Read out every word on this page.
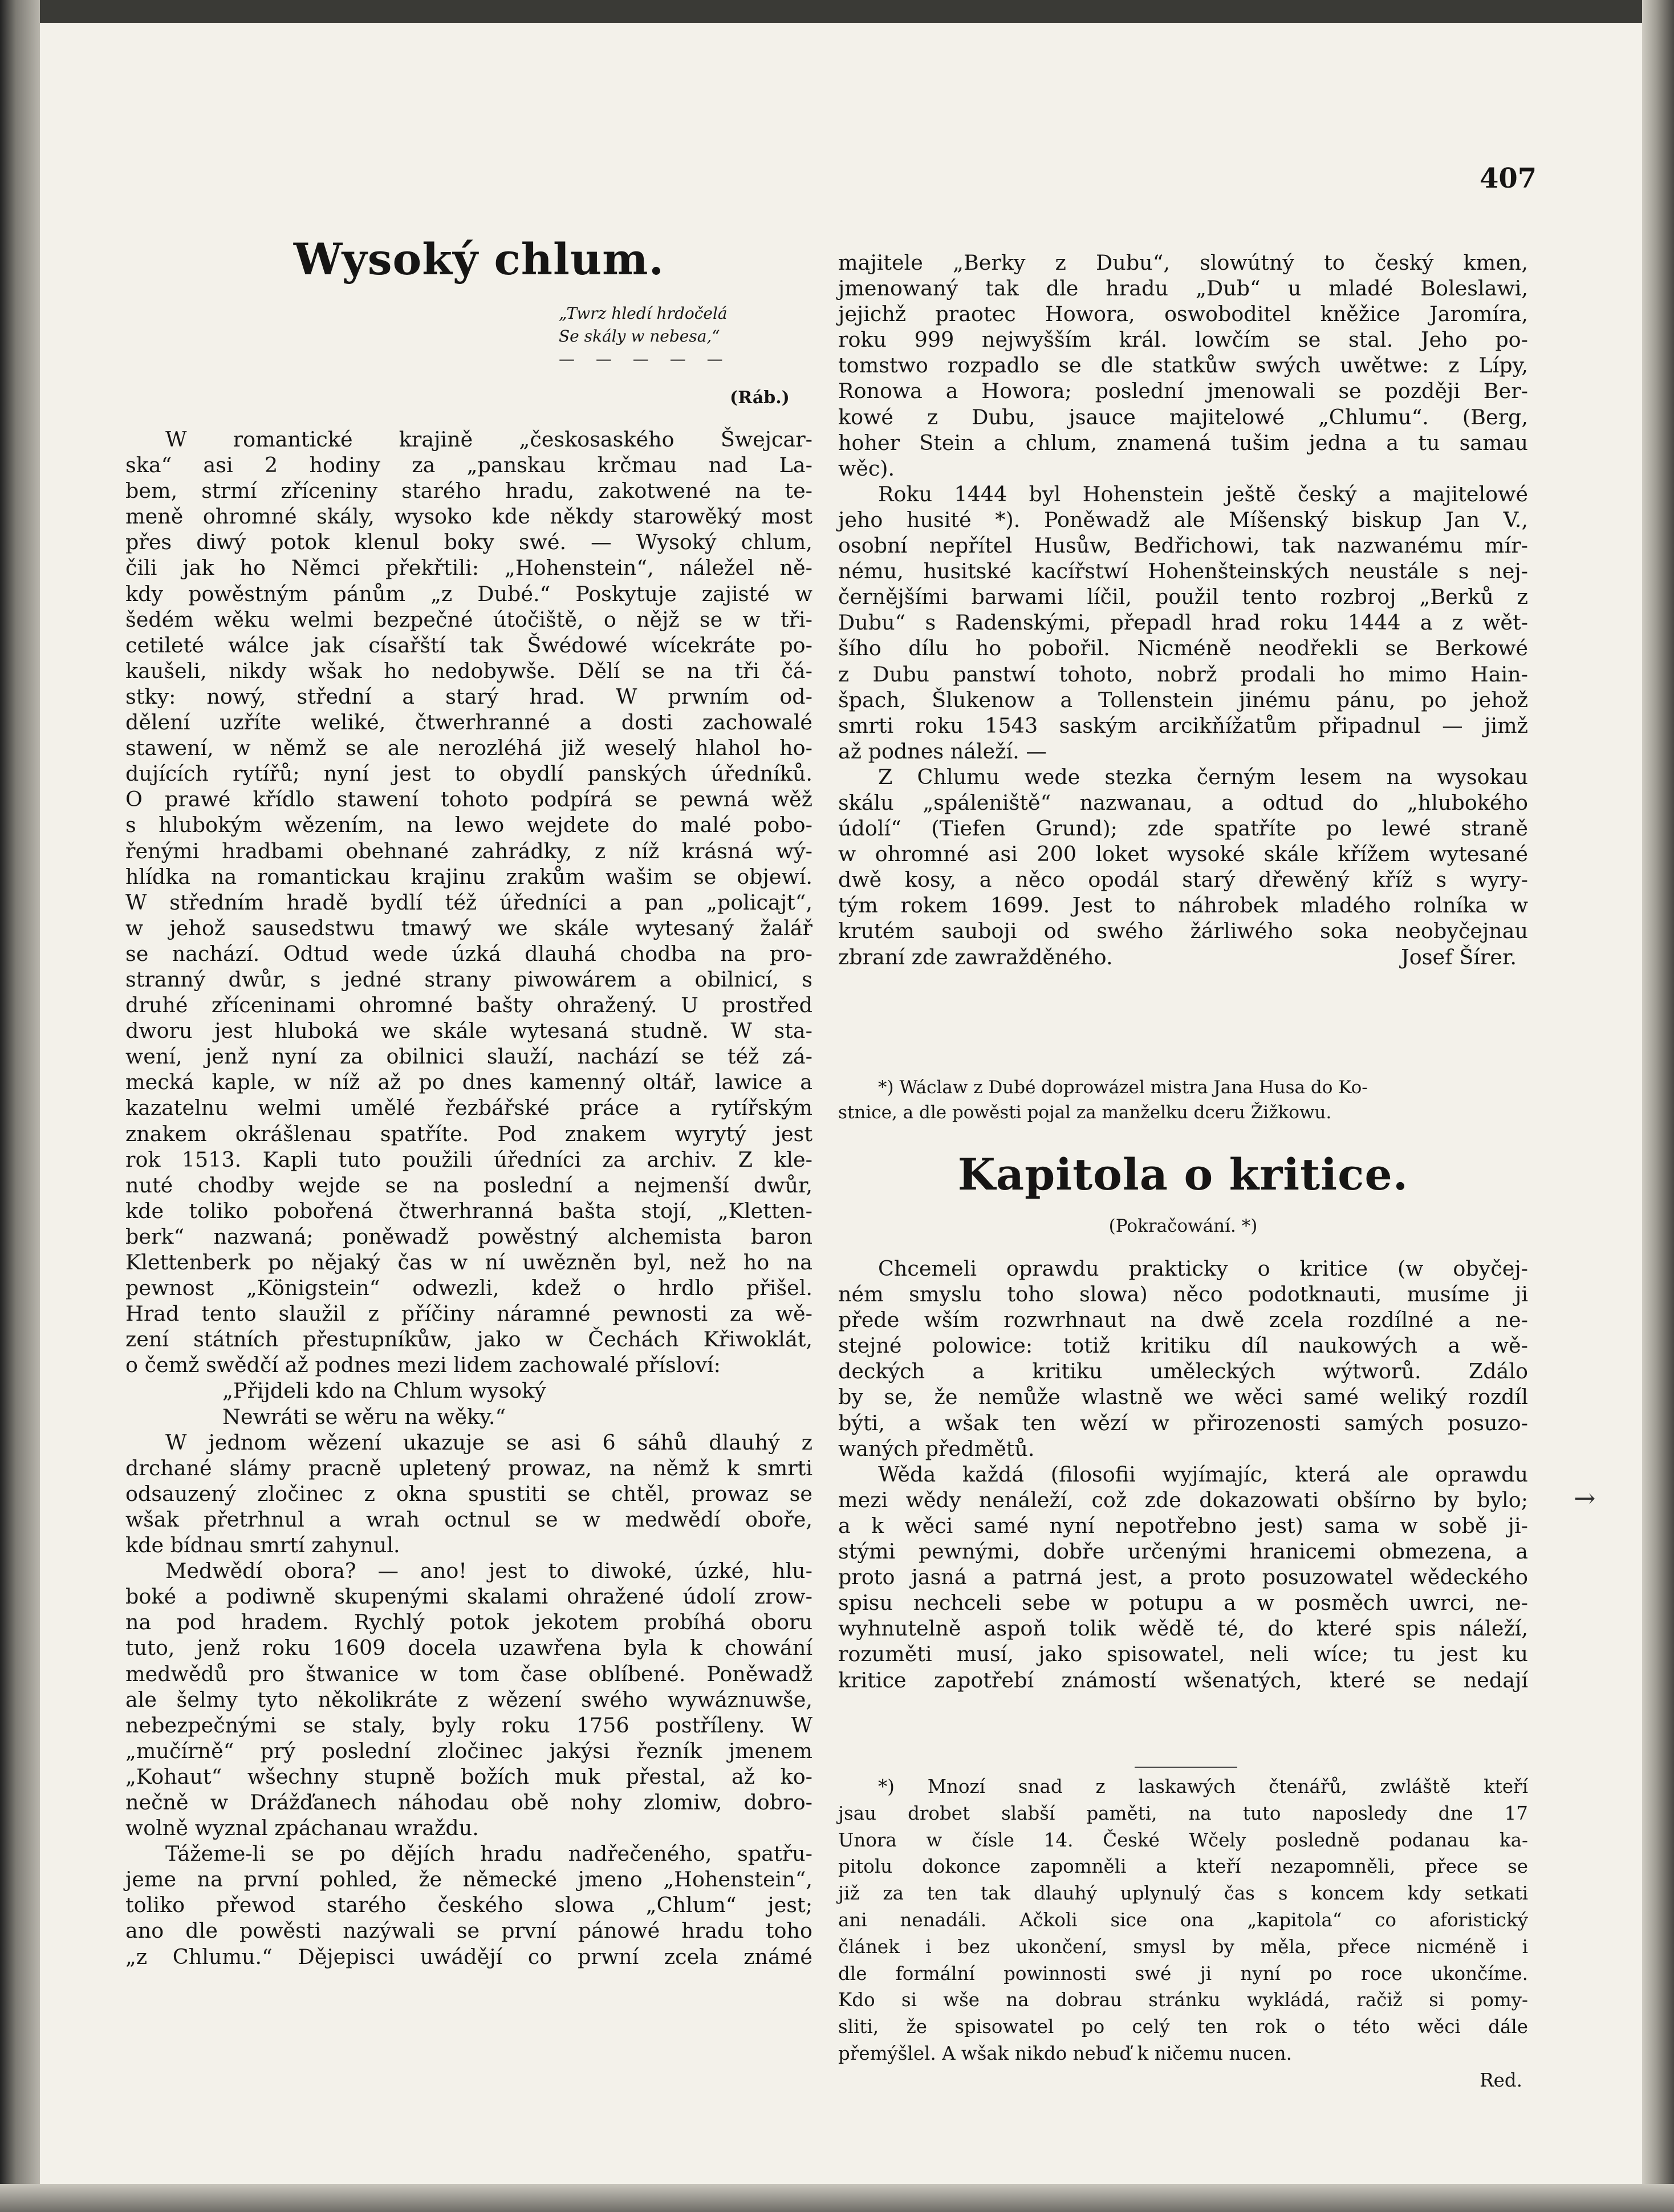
407
Wysoký chlum.
„Twrz hledí hrdočelá
Se skály w nebesa,“
— — — — —
(Ráb.)
W romantické krajině „českosaského Šwejcar-
ska“ asi 2 hodiny za „panskau krčmau nad La-
bem, strmí zříceniny starého hradu, zakotwené na te-
meně ohromné skály, wysoko kde někdy starowěký most
přes diwý potok klenul boky swé. — Wysoký chlum,
čili jak ho Němci překřtili: „Hohenstein“, náležel ně-
kdy powěstným pánům „z Dubé.“ Poskytuje zajisté w
šedém wěku welmi bezpečné útočiště, o nějž se w tři-
cetileté wálce jak císařští tak Šwédowé wícekráte po-
kaušeli, nikdy wšak ho nedobywše. Dělí se na tři čá-
stky: nowý, střední a starý hrad. W prwním od-
dělení uzříte weliké, čtwerhranné a dosti zachowalé
stawení, w němž se ale nerozléhá již weselý hlahol ho-
dujících rytířů; nyní jest to obydlí panských úředníků.
O prawé křídlo stawení tohoto podpírá se pewná wěž
s hlubokým wězením, na lewo wejdete do malé pobo-
řenými hradbami obehnané zahrádky, z níž krásná wý-
hlídka na romantickau krajinu zrakům wašim se objewí.
W středním hradě bydlí též úředníci a pan „policajt“,
w jehož sausedstwu tmawý we skále wytesaný žalář
se nachází. Odtud wede úzká dlauhá chodba na pro-
stranný dwůr, s jedné strany piwowárem a obilnicí, s
druhé zříceninami ohromné bašty ohražený. U prostřed
dworu jest hluboká we skále wytesaná studně. W sta-
wení, jenž nyní za obilnici slauží, nachází se též zá-
mecká kaple, w níž až po dnes kamenný oltář, lawice a
kazatelnu welmi umělé řezbářské práce a rytířským
znakem okrášlenau spatříte. Pod znakem wyrytý jest
rok 1513. Kapli tuto použili úředníci za archiv. Z kle-
nuté chodby wejde se na poslední a nejmenší dwůr,
kde toliko pobořená čtwerhranná bašta stojí, „Kletten-
berk“ nazwaná; poněwadž powěstný alchemista baron
Klettenberk po nějaký čas w ní uwězněn byl, než ho na
pewnost „Königstein“ odwezli, kdež o hrdlo přišel.
Hrad tento slaužil z příčiny náramné pewnosti za wě-
zení státních přestupníkůw, jako w Čechách Křiwoklát,
o čemž swědčí až podnes mezi lidem zachowalé přísloví:
„Přijdeli kdo na Chlum wysoký
Newráti se wěru na wěky.“
W jednom wězení ukazuje se asi 6 sáhů dlauhý z
drchané slámy pracně upletený prowaz, na němž k smrti
odsauzený zločinec z okna spustiti se chtěl, prowaz se
wšak přetrhnul a wrah octnul se w medwědí oboře,
kde bídnau smrtí zahynul.
Medwědí obora? — ano! jest to diwoké, úzké, hlu-
boké a podiwně skupenými skalami ohražené údolí zrow-
na pod hradem. Rychlý potok jekotem probíhá oboru
tuto, jenž roku 1609 docela uzawřena byla k chowání
medwědů pro štwanice w tom čase oblíbené. Poněwadž
ale šelmy tyto několikráte z wězení swého wywáznuwše,
nebezpečnými se staly, byly roku 1756 postříleny. W
„mučírně“ prý poslední zločinec jakýsi řezník jmenem
„Kohaut“ wšechny stupně božích muk přestal, až ko-
nečně w Drážďanech náhodau obě nohy zlomiw, dobro-
wolně wyznal zpáchanau wraždu.
Tážeme-li se po dějích hradu nadřečeného, spatřu-
jeme na první pohled, že německé jmeno „Hohenstein“,
toliko přewod starého českého slowa „Chlum“ jest;
ano dle powěsti nazýwali se první pánowé hradu toho
„z Chlumu.“ Dějepisci uwádějí co prwní zcela známé
majitele „Berky z Dubu“, slowútný to český kmen,
jmenowaný tak dle hradu „Dub“ u mladé Boleslawi,
jejichž praotec Howora, oswoboditel kněžice Jaromíra,
roku 999 nejwyšším král. lowčím se stal. Jeho po-
tomstwo rozpadlo se dle statkůw swých uwětwe: z Lípy,
Ronowa a Howora; poslední jmenowali se později Ber-
kowé z Dubu, jsauce majitelowé „Chlumu“. (Berg,
hoher Stein a chlum, znamená tušim jedna a tu samau
wěc).
Roku 1444 byl Hohenstein ještě český a majitelowé
jeho husité *). Poněwadž ale Míšenský biskup Jan V.,
osobní nepřítel Husůw, Bedřichowi, tak nazwanému mír-
nému, husitské kacířstwí Hohenšteinských neustále s nej-
černějšími barwami líčil, použil tento rozbroj „Berků z
Dubu“ s Radenskými, přepadl hrad roku 1444 a z wět-
šího dílu ho pobořil. Nicméně neodřekli se Berkowé
z Dubu panstwí tohoto, nobrž prodali ho mimo Hain-
špach, Šlukenow a Tollenstein jinému pánu, po jehož
smrti roku 1543 saským arcikňížatům připadnul — jimž
až podnes náleží. —
Z Chlumu wede stezka černým lesem na wysokau
skálu „spáleniště“ nazwanau, a odtud do „hlubokého
údolí“ (Tiefen Grund); zde spatříte po lewé straně
w ohromné asi 200 loket wysoké skále křížem wytesané
dwě kosy, a něco opodál starý dřewěný kříž s wyry-
tým rokem 1699. Jest to náhrobek mladého rolníka w
krutém sauboji od swého žárliwého soka neobyčejnau
zbraní zde zawražděného.	Josef Šírer.
*) Wáclaw z Dubé doprowázel mistra Jana Husa do Ko-
stnice, a dle powěsti pojal za manželku dceru Žižkowu.
Kapitola o kritice.
(Pokračowání. *)
Chcemeli oprawdu prakticky o kritice (w obyčej-
ném smyslu toho slowa) něco podotknauti, musíme ji
přede wším rozwrhnaut na dwě zcela rozdílné a ne-
stejné polowice: totiž kritiku díl naukowých a wě-
deckých a kritiku uměleckých wýtworů. Zdálo
by se, že nemůže wlastně we wěci samé weliký rozdíl
býti, a wšak ten wězí w přirozenosti samých posuzo-
waných předmětů.
Wěda každá (filosofii wyjímajíc, která ale oprawdu
mezi wědy nenáleží, což zde dokazowati obšírno by bylo;
a k wěci samé nyní nepotřebno jest) sama w sobě ji-
stými pewnými, dobře určenými hranicemi obmezena, a
proto jasná a patrná jest, a proto posuzowatel wědeckého
spisu nechceli sebe w potupu a w posměch uwrci, ne-
wyhnutelně aspoň tolik wědě té, do které spis náleží,
rozuměti musí, jako spisowatel, neli wíce; tu jest ku
kritice zapotřebí známostí wšenatých, které se nedají
*) Mnozí snad z laskawých čtenářů, zwláště kteří
jsau drobet slabší paměti, na tuto naposledy dne 17
Unora w čísle 14. České Wčely posledně podanau ka-
pitolu dokonce zapomněli a kteří nezapomněli, přece se
již za ten tak dlauhý uplynulý čas s koncem kdy setkati
ani nenadáli. Ačkoli sice ona „kapitola“ co aforistický
článek i bez ukončení, smysl by měla, přece nicméně i
dle formální powinnosti swé ji nyní po roce ukončíme.
Kdo si wše na dobrau stránku wykládá, račiž si pomy-
sliti, že spisowatel po celý ten rok o této wěci dále
přemýšlel. A wšak nikdo nebuď k ničemu nucen.
Red.
→
